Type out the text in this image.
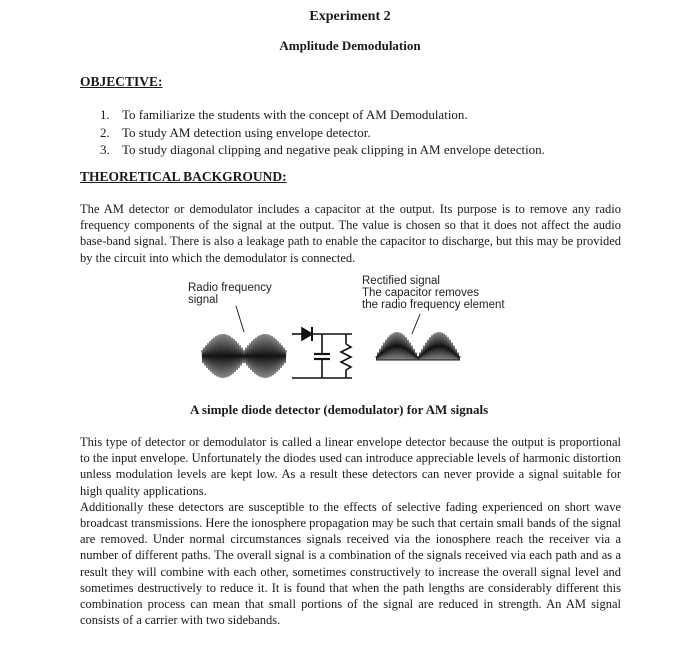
Experiment 2
Amplitude Demodulation
OBJECTIVE:
1. To familiarize the students with the concept of AM Demodulation.
2. To study AM detection using envelope detector.
3. To study diagonal clipping and negative peak clipping in AM envelope detection.
THEORETICAL BACKGROUND:

The AM detector or demodulator includes a capacitor at the output. Its purpose is to remove any radio frequency components of the signal at the output. The value is chosen so that it does not affect the audio base-band signal. There is also a leakage path to enable the capacitor to discharge, but this may be provided by the circuit into which the demodulator is connected.

Radio frequency
signal
Rectified signal
The capacitor removes
the radio frequency element
A simple diode detector (demodulator) for AM signals

This type of detector or demodulator is called a linear envelope detector because the output is proportional to the input envelope. Unfortunately the diodes used can introduce appreciable levels of harmonic distortion unless modulation levels are kept low. As a result these detectors can never provide a signal suitable for high quality applications.

Additionally these detectors are susceptible to the effects of selective fading experienced on short wave broadcast transmissions. Here the ionosphere propagation may be such that certain small bands of the signal are removed. Under normal circumstances signals received via the ionosphere reach the receiver via a number of different paths. The overall signal is a combination of the signals received via each path and as a result they will combine with each other, sometimes constructively to increase the overall signal level and sometimes destructively to reduce it. It is found that when the path lengths are considerably different this combination process can mean that small portions of the signal are reduced in strength. An AM signal consists of a carrier with two sidebands.
